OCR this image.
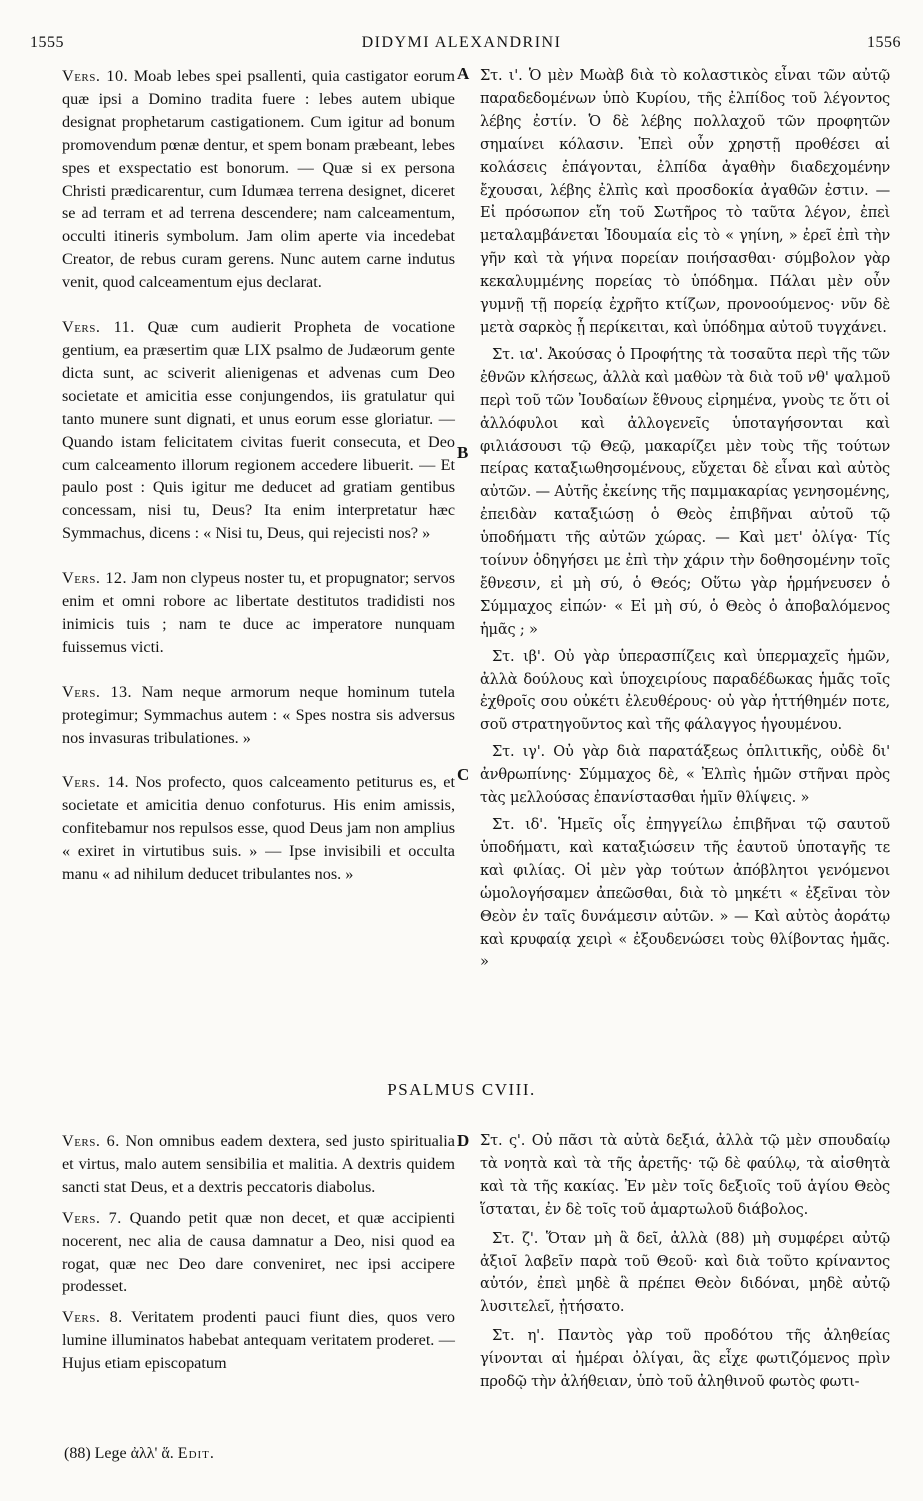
1555	DIDYMI ALEXANDRINI	1556
A
B
C
D

Vers. 10. Moab lebes spei psallenti, quia castigator eorum quæ ipsi a Domino tradita fuere : lebes autem ubique designat prophetarum castigationem. Cum igitur ad bonum promovendum pœnæ dentur, et spem bonam præbeant, lebes spes et exspectatio est bonorum. — Quæ si ex persona Christi prædicarentur, cum Idumæa terrena designet, diceret se ad terram et ad terrena descendere; nam calceamentum, occulti itineris symbolum. Jam olim aperte via incedebat Creator, de rebus curam gerens. Nunc autem carne indutus venit, quod calceamentum ejus declarat.

Vers. 11. Quæ cum audierit Propheta de vocatione gentium, ea præsertim quæ LIX psalmo de Judæorum gente dicta sunt, ac sciverit alienigenas et advenas cum Deo societate et amicitia esse conjungendos, iis gratulatur qui tanto munere sunt dignati, et unus eorum esse gloriatur. — Quando istam felicitatem civitas fuerit consecuta, et Deo cum calceamento illorum regionem accedere libuerit. — Et paulo post : Quis igitur me deducet ad gratiam gentibus concessam, nisi tu, Deus? Ita enim interpretatur hæc Symmachus, dicens : « Nisi tu, Deus, qui rejecisti nos? »

Vers. 12. Jam non clypeus noster tu, et propugnator; servos enim et omni robore ac libertate destitutos tradidisti nos inimicis tuis ; nam te duce ac imperatore nunquam fuissemus victi.

Vers. 13. Nam neque armorum neque hominum tutela protegimur; Symmachus autem : « Spes nostra sis adversus nos invasuras tribulationes. »

Vers. 14. Nos profecto, quos calceamento petiturus es, et societate et amicitia denuo confoturus. His enim amissis, confitebamur nos repulsos esse, quod Deus jam non amplius « exiret in virtutibus suis. » — Ipse invisibili et occulta manu « ad nihilum deducet tribulantes nos. »

Στ. ι'. Ὁ μὲν Μωὰβ διὰ τὸ κολαστικὸς εἶναι τῶν αὐτῷ παραδεδομένων ὑπὸ Κυρίου, τῆς ἐλπίδος τοῦ λέγοντος λέβης ἐστίν. Ὁ δὲ λέβης πολλαχοῦ τῶν προφητῶν σημαίνει κόλασιν. Ἐπεὶ οὖν χρηστῇ προθέσει αἱ κολάσεις ἐπάγονται, ἐλπίδα ἀγαθὴν διαδεχομένην ἔχουσαι, λέβης ἐλπὶς καὶ προσδοκία ἀγαθῶν ἐστιν. — Εἰ πρόσωπον εἴη τοῦ Σωτῆρος τὸ ταῦτα λέγον, ἐπεὶ μεταλαμβάνεται Ἰδουμαία εἰς τὸ « γηίνη, » ἐρεῖ ἐπὶ τὴν γῆν καὶ τὰ γήινα πορείαν ποιήσασθαι· σύμβολον γὰρ κεκαλυμμένης πορείας τὸ ὑπόδημα. Πάλαι μὲν οὖν γυμνῇ τῇ πορείᾳ ἐχρῆτο κτίζων, προνοούμενος· νῦν δὲ μετὰ σαρκὸς ᾗ περίκειται, καὶ ὑπόδημα αὐτοῦ τυγχάνει.

Στ. ια'. Ἀκούσας ὁ Προφήτης τὰ τοσαῦτα περὶ τῆς τῶν ἐθνῶν κλήσεως, ἀλλὰ καὶ μαθὼν τὰ διὰ τοῦ νθ' ψαλμοῦ περὶ τοῦ τῶν Ἰουδαίων ἔθνους εἰρημένα, γνοὺς τε ὅτι οἱ ἀλλόφυλοι καὶ ἀλλογενεῖς ὑποταγήσονται καὶ φιλιάσουσι τῷ Θεῷ, μακαρίζει μὲν τοὺς τῆς τούτων πείρας καταξιωθησομένους, εὔχεται δὲ εἶναι καὶ αὐτὸς αὐτῶν. — Αὐτῆς ἐκείνης τῆς παμμακαρίας γενησομένης, ἐπειδὰν καταξιώσῃ ὁ Θεὸς ἐπιβῆναι αὐτοῦ τῷ ὑποδήματι τῆς αὐτῶν χώρας. — Καὶ μετ' ὀλίγα· Τίς τοίνυν ὁδηγήσει με ἐπὶ τὴν χάριν τὴν δοθησομένην τοῖς ἔθνεσιν, εἰ μὴ σύ, ὁ Θεός; Οὕτω γὰρ ἡρμήνευσεν ὁ Σύμμαχος εἰπών· « Εἰ μὴ σύ, ὁ Θεὸς ὁ ἀποβαλόμενος ἡμᾶς ; »

Στ. ιβ'. Οὐ γὰρ ὑπερασπίζεις καὶ ὑπερμαχεῖς ἡμῶν, ἀλλὰ δούλους καὶ ὑποχειρίους παραδέδωκας ἡμᾶς τοῖς ἐχθροῖς σου οὐκέτι ἐλευθέρους· οὐ γὰρ ἡττήθημέν ποτε, σοῦ στρατηγοῦντος καὶ τῆς φάλαγγος ἡγουμένου.

Στ. ιγ'. Οὐ γὰρ διὰ παρατάξεως ὁπλιτικῆς, οὐδὲ δι' ἀνθρωπίνης· Σύμμαχος δὲ, « Ἐλπὶς ἡμῶν στῆναι πρὸς τὰς μελλούσας ἐπανίστασθαι ἡμῖν θλίψεις. »

Στ. ιδ'. Ἡμεῖς οἷς ἐπηγγείλω ἐπιβῆναι τῷ σαυτοῦ ὑποδήματι, καὶ καταξιώσειν τῆς ἑαυτοῦ ὑποταγῆς τε καὶ φιλίας. Οἱ μὲν γὰρ τούτων ἀπόβλητοι γενόμενοι ὡμολογήσαμεν ἀπεῶσθαι, διὰ τὸ μηκέτι « ἐξεῖναι τὸν Θεὸν ἐν ταῖς δυνάμεσιν αὐτῶν. » — Καὶ αὐτὸς ἀοράτῳ καὶ κρυφαίᾳ χειρὶ « ἐξουδενώσει τοὺς θλίβοντας ἡμᾶς. »

PSALMUS CVIII.

Vers. 6. Non omnibus eadem dextera, sed justo spiritualia et virtus, malo autem sensibilia et malitia. A dextris quidem sancti stat Deus, et a dextris peccatoris diabolus.

Vers. 7. Quando petit quæ non decet, et quæ accipienti nocerent, nec alia de causa damnatur a Deo, nisi quod ea rogat, quæ nec Deo dare conveniret, nec ipsi accipere prodesset.

Vers. 8. Veritatem prodenti pauci fiunt dies, quos vero lumine illuminatos habebat antequam veritatem proderet. — Hujus etiam episcopatum

Στ. ς'. Οὐ πᾶσι τὰ αὐτὰ δεξιά, ἀλλὰ τῷ μὲν σπουδαίῳ τὰ νοητὰ καὶ τὰ τῆς ἀρετῆς· τῷ δὲ φαύλῳ, τὰ αἰσθητὰ καὶ τὰ τῆς κακίας. Ἐν μὲν τοῖς δεξιοῖς τοῦ ἁγίου Θεὸς ἵσταται, ἐν δὲ τοῖς τοῦ ἁμαρτωλοῦ διάβολος.

Στ. ζ'. Ὅταν μὴ ἃ δεῖ, ἀλλὰ (88) μὴ συμφέρει αὐτῷ ἀξιοῖ λαβεῖν παρὰ τοῦ Θεοῦ· καὶ διὰ τοῦτο κρίναντος αὐτόν, ἐπεὶ μηδὲ ἃ πρέπει Θεὸν διδόναι, μηδὲ αὐτῷ λυσιτελεῖ, ᾐτήσατο.

Στ. η'. Παντὸς γὰρ τοῦ προδότου τῆς ἀληθείας γίνονται αἱ ἡμέραι ὀλίγαι, ἃς εἶχε φωτιζόμενος πρὶν προδῷ τὴν ἀλήθειαν, ὑπὸ τοῦ ἀληθινοῦ φωτὸς φωτι-

(88) Lege ἀλλ' ἅ. Edit.
